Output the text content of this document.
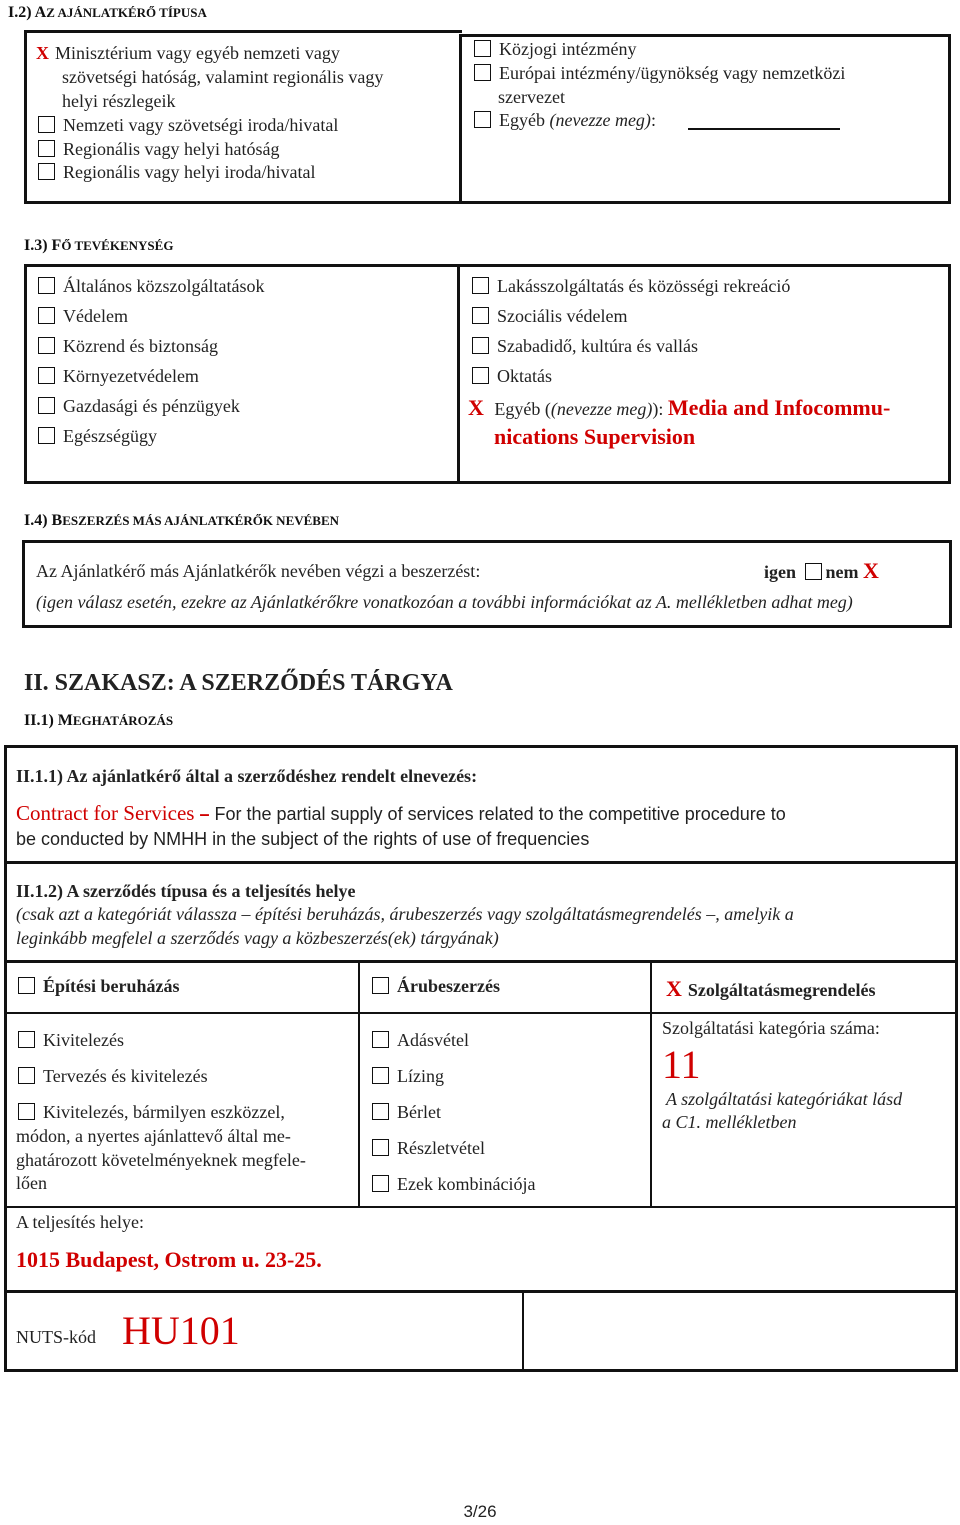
I.2) AZ AJÁNLATKÉRŐ TÍPUSA
X Minisztérium vagy egyéb nemzeti vagy
szövetségi hatóság, valamint regionális vagy
helyi részlegeik
Nemzeti vagy szövetségi iroda/hivatal
Regionális vagy helyi hatóság
Regionális vagy helyi iroda/hivatal
Közjogi intézmény
Európai intézmény/ügynökség vagy nemzetközi
szervezet
Egyéb (nevezze meg):
I.3) FŐ TEVÉKENYSÉG
Általános közszolgáltatások
Védelem
Közrend és biztonság
Környezetvédelem
Gazdasági és pénzügyek
Egészségügy
Lakásszolgáltatás és közösségi rekreáció
Szociális védelem
Szabadidő, kultúra és vallás
Oktatás
X Egyéb ((nevezze meg)): Media and Infocommu-
nications Supervision
I.4) BESZERZÉS MÁS AJÁNLATKÉRŐK NEVÉBEN
Az Ajánlatkérő más Ajánlatkérők nevében végzi a beszerzést:	igen nem X
(igen válasz esetén, ezekre az Ajánlatkérőkre vonatkozóan a további információkat az A. mellékletben adhat meg)
II. SZAKASZ: A SZERZŐDÉS TÁRGYA
II.1) MEGHATÁROZÁS
II.1.1) Az ajánlatkérő által a szerződéshez rendelt elnevezés:
Contract for Services – For the partial supply of services related to the competitive procedure to
be conducted by NMHH in the subject of the rights of use of frequencies
II.1.2) A szerződés típusa és a teljesítés helye
(csak azt a kategóriát válassza – építési beruházás, árubeszerzés vagy szolgáltatásmegrendelés –, amelyik a
leginkább megfelel a szerződés vagy a közbeszerzés(ek) tárgyának)
Építési beruházás	Árubeszerzés	X Szolgáltatásmegrendelés
Kivitelezés
Tervezés és kivitelezés
Kivitelezés, bármilyen eszközzel,
módon, a nyertes ajánlattevő által me-
ghatározott követelményeknek megfele-
lően
Adásvétel
Lízing
Bérlet
Részletvétel
Ezek kombinációja
Szolgáltatási kategória száma:
11
A szolgáltatási kategóriákat lásd
a C1. mellékletben
A teljesítés helye:
1015 Budapest, Ostrom u. 23-25.
NUTS-kód HU101
3/26
